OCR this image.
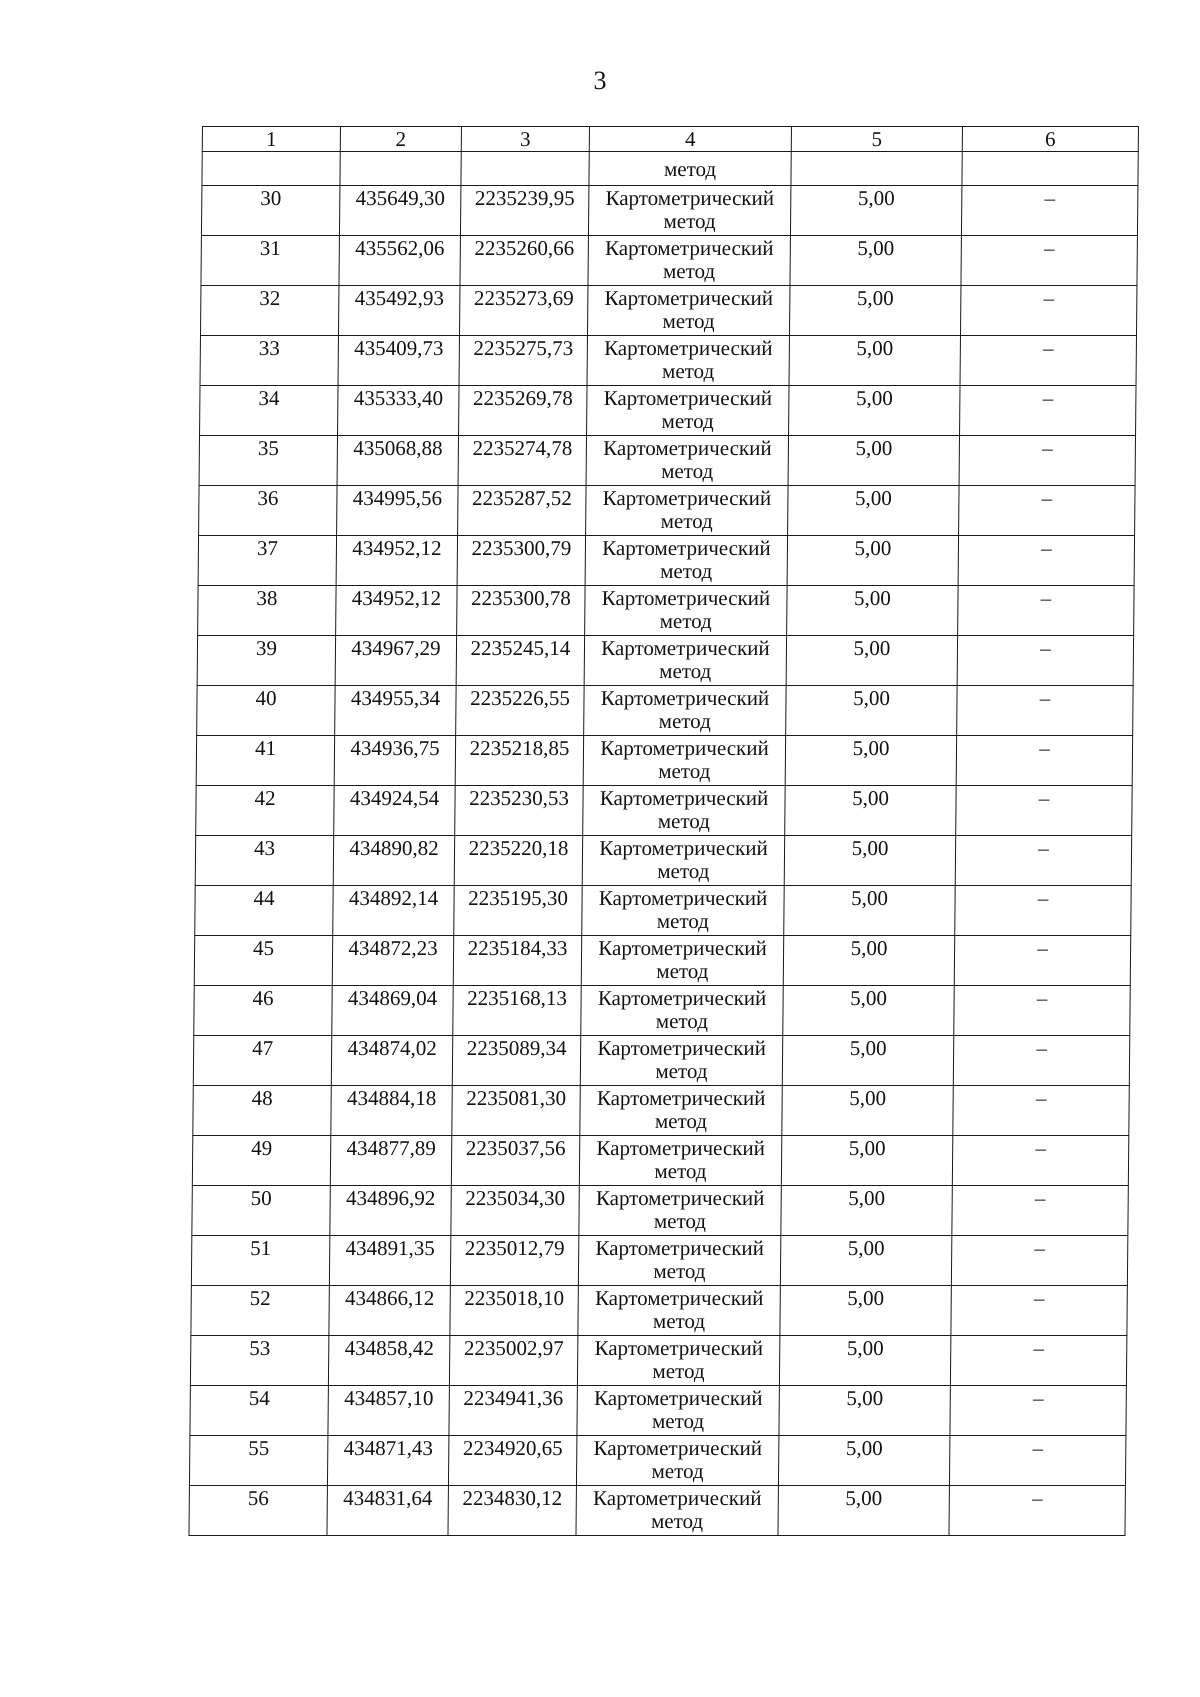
3
1	2	3	4	5	6
			метод		
30	435649,30	2235239,95	Картометрический
метод	5,00	–
31	435562,06	2235260,66	Картометрический
метод	5,00	–
32	435492,93	2235273,69	Картометрический
метод	5,00	–
33	435409,73	2235275,73	Картометрический
метод	5,00	–
34	435333,40	2235269,78	Картометрический
метод	5,00	–
35	435068,88	2235274,78	Картометрический
метод	5,00	–
36	434995,56	2235287,52	Картометрический
метод	5,00	–
37	434952,12	2235300,79	Картометрический
метод	5,00	–
38	434952,12	2235300,78	Картометрический
метод	5,00	–
39	434967,29	2235245,14	Картометрический
метод	5,00	–
40	434955,34	2235226,55	Картометрический
метод	5,00	–
41	434936,75	2235218,85	Картометрический
метод	5,00	–
42	434924,54	2235230,53	Картометрический
метод	5,00	–
43	434890,82	2235220,18	Картометрический
метод	5,00	–
44	434892,14	2235195,30	Картометрический
метод	5,00	–
45	434872,23	2235184,33	Картометрический
метод	5,00	–
46	434869,04	2235168,13	Картометрический
метод	5,00	–
47	434874,02	2235089,34	Картометрический
метод	5,00	–
48	434884,18	2235081,30	Картометрический
метод	5,00	–
49	434877,89	2235037,56	Картометрический
метод	5,00	–
50	434896,92	2235034,30	Картометрический
метод	5,00	–
51	434891,35	2235012,79	Картометрический
метод	5,00	–
52	434866,12	2235018,10	Картометрический
метод	5,00	–
53	434858,42	2235002,97	Картометрический
метод	5,00	–
54	434857,10	2234941,36	Картометрический
метод	5,00	–
55	434871,43	2234920,65	Картометрический
метод	5,00	–
56	434831,64	2234830,12	Картометрический
метод	5,00	–
